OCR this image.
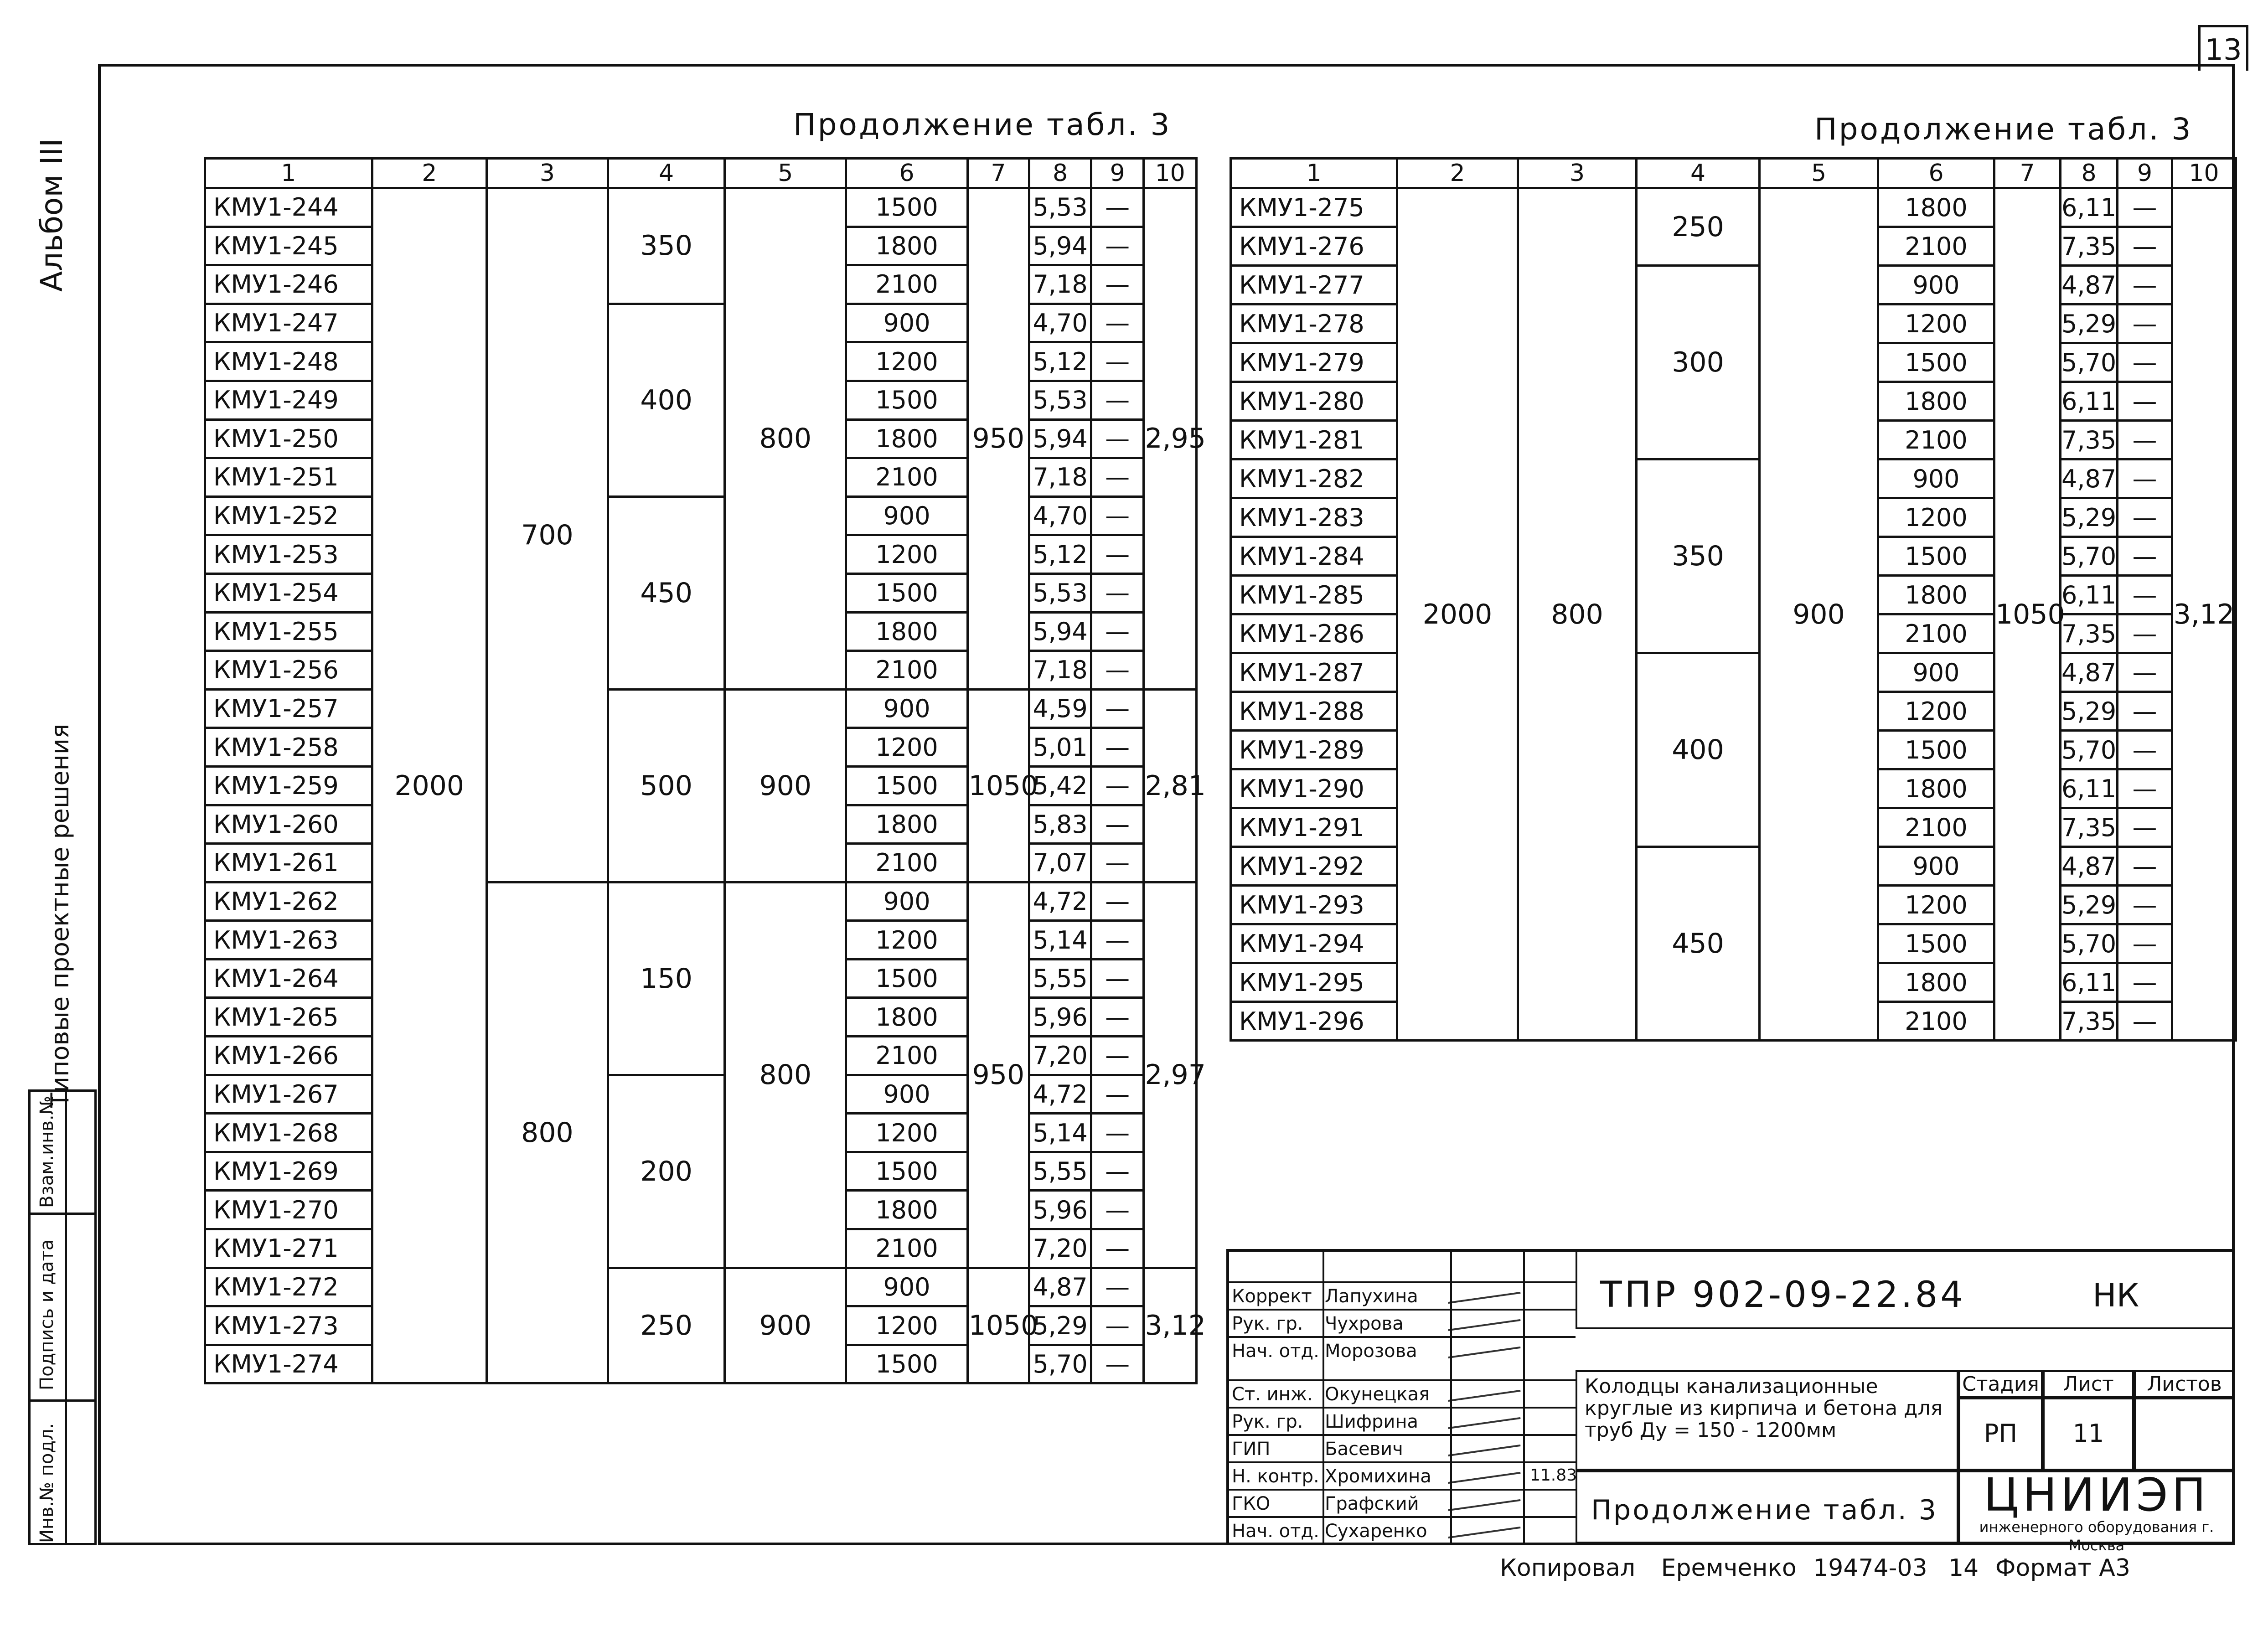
13
Альбом III
Типовые проектные решения
Инв.№ подл.
Подпись и дата
Взам.инв.№
Продолжение табл. 3	Продолжение табл. 3
1	2	3	4	5	6	7	8	9	10
КМУ1-244	2000	700	350	800	1500	950	5,53	—	2,95
КМУ1-245					1800		5,94	—	
КМУ1-246					2100		7,18	—	
КМУ1-247			400		900		4,70	—	
КМУ1-248					1200		5,12	—	
КМУ1-249					1500		5,53	—	
КМУ1-250					1800		5,94	—	
КМУ1-251					2100		7,18	—	
КМУ1-252			450		900		4,70	—	
КМУ1-253					1200		5,12	—	
КМУ1-254					1500		5,53	—	
КМУ1-255					1800		5,94	—	
КМУ1-256					2100		7,18	—	
КМУ1-257			500	900	900	1050	4,59	—	2,81
КМУ1-258					1200		5,01	—	
КМУ1-259					1500		5,42	—	
КМУ1-260					1800		5,83	—	
КМУ1-261					2100		7,07	—	
КМУ1-262		800	150	800	900	950	4,72	—	2,97
КМУ1-263					1200		5,14	—	
КМУ1-264					1500		5,55	—	
КМУ1-265					1800		5,96	—	
КМУ1-266					2100		7,20	—	
КМУ1-267			200		900		4,72	—	
КМУ1-268					1200		5,14	—	
КМУ1-269					1500		5,55	—	
КМУ1-270					1800		5,96	—	
КМУ1-271					2100		7,20	—	
КМУ1-272			250	900	900	1050	4,87	—	3,12
КМУ1-273					1200		5,29	—	
КМУ1-274					1500		5,70	—	
1	2	3	4	5	6	7	8	9	10
КМУ1-275	2000	800	250	900	1800	1050	6,11	—	3,12
КМУ1-276					2100		7,35	—	
КМУ1-277			300		900		4,87	—	
КМУ1-278					1200		5,29	—	
КМУ1-279					1500		5,70	—	
КМУ1-280					1800		6,11	—	
КМУ1-281					2100		7,35	—	
КМУ1-282			350		900		4,87	—	
КМУ1-283					1200		5,29	—	
КМУ1-284					1500		5,70	—	
КМУ1-285					1800		6,11	—	
КМУ1-286					2100		7,35	—	
КМУ1-287			400		900		4,87	—	
КМУ1-288					1200		5,29	—	
КМУ1-289					1500		5,70	—	
КМУ1-290					1800		6,11	—	
КМУ1-291					2100		7,35	—	
КМУ1-292			450		900		4,87	—	
КМУ1-293					1200		5,29	—	
КМУ1-294					1500		5,70	—	
КМУ1-295					1800		6,11	—	
КМУ1-296					2100		7,35	—	
Коррект Лапухина
Рук. гр. Чухрова
Нач. отд. Морозова
Ст. инж. Окунецкая
Рук. гр. Шифрина
ГИП	Басевич
Н. контр. Хромихина	11.83
ГКО	Графский
Нач. отд. Сухаренко
ТПР 902-09-22.84	НК
Колодцы канализационные круглые из кирпича и бетона для труб Ду = 150 - 1200мм
Стадия	Лист	Листов
РП	11
Продолжение табл. 3	ЦНИИЭП
инженерного оборудования г. Москва
Копировал Еремченко 19474-03 14 Формат А3
